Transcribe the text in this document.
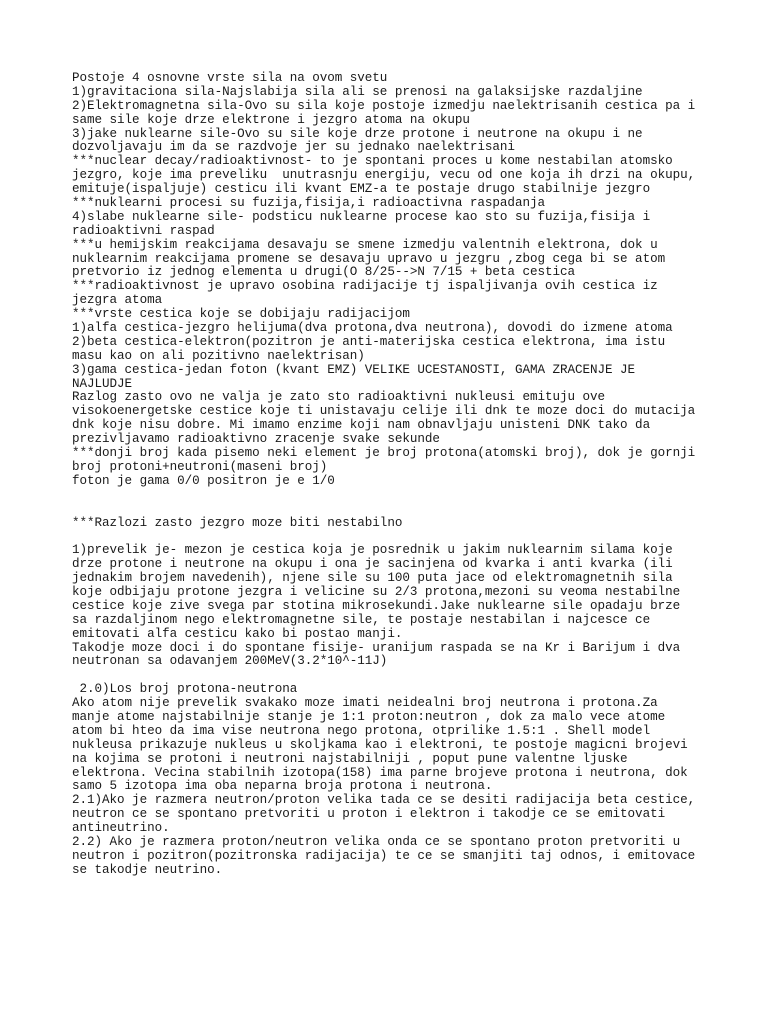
Postoje 4 osnovne vrste sila na ovom svetu
1)gravitaciona sila-Najslabija sila ali se prenosi na galaksijske razdaljine
2)Elektromagnetna sila-Ovo su sila koje postoje izmedju naelektrisanih cestica pa i
same sile koje drze elektrone i jezgro atoma na okupu
3)jake nuklearne sile-Ovo su sile koje drze protone i neutrone na okupu i ne
dozvoljavaju im da se razdvoje jer su jednako naelektrisani
***nuclear decay/radioaktivnost- to je spontani proces u kome nestabilan atomsko
jezgro, koje ima preveliku  unutrasnju energiju, vecu od one koja ih drzi na okupu,
emituje(ispaljuje) cesticu ili kvant EMZ-a te postaje drugo stabilnije jezgro
***nuklearni procesi su fuzija,fisija,i radioactivna raspadanja
4)slabe nuklearne sile- podsticu nuklearne procese kao sto su fuzija,fisija i
radioaktivni raspad
***u hemijskim reakcijama desavaju se smene izmedju valentnih elektrona, dok u
nuklearnim reakcijama promene se desavaju upravo u jezgru ,zbog cega bi se atom
pretvorio iz jednog elementa u drugi(O 8/25-->N 7/15 + beta cestica
***radioaktivnost je upravo osobina radijacije tj ispaljivanja ovih cestica iz
jezgra atoma
***vrste cestica koje se dobijaju radijacijom
1)alfa cestica-jezgro helijuma(dva protona,dva neutrona), dovodi do izmene atoma
2)beta cestica-elektron(pozitron je anti-materijska cestica elektrona, ima istu
masu kao on ali pozitivno naelektrisan)
3)gama cestica-jedan foton (kvant EMZ) VELIKE UCESTANOSTI, GAMA ZRACENJE JE
NAJLUDJE
Razlog zasto ovo ne valja je zato sto radioaktivni nukleusi emituju ove
visokoenergetske cestice koje ti unistavaju celije ili dnk te moze doci do mutacija
dnk koje nisu dobre. Mi imamo enzime koji nam obnavljaju unisteni DNK tako da
prezivljavamo radioaktivno zracenje svake sekunde
***donji broj kada pisemo neki element je broj protona(atomski broj), dok je gornji
broj protoni+neutroni(maseni broj)
foton je gama 0/0 positron je e 1/0
***Razlozi zasto jezgro moze biti nestabilno
1)prevelik je- mezon je cestica koja je posrednik u jakim nuklearnim silama koje
drze protone i neutrone na okupu i ona je sacinjena od kvarka i anti kvarka (ili
jednakim brojem navedenih), njene sile su 100 puta jace od elektromagnetnih sila
koje odbijaju protone jezgra i velicine su 2/3 protona,mezoni su veoma nestabilne
cestice koje zive svega par stotina mikrosekundi.Jake nuklearne sile opadaju brze
sa razdaljinom nego elektromagnetne sile, te postaje nestabilan i najcesce ce
emitovati alfa cesticu kako bi postao manji.
Takodje moze doci i do spontane fisije- uranijum raspada se na Kr i Barijum i dva
neutronan sa odavanjem 200MeV(3.2*10^-11J)
2.0)Los broj protona-neutrona
Ako atom nije prevelik svakako moze imati neidealni broj neutrona i protona.Za
manje atome najstabilnije stanje je 1:1 proton:neutron , dok za malo vece atome
atom bi hteo da ima vise neutrona nego protona, otprilike 1.5:1 . Shell model
nukleusa prikazuje nukleus u skoljkama kao i elektroni, te postoje magicni brojevi
na kojima se protoni i neutroni najstabilniji , poput pune valentne ljuske
elektrona. Vecina stabilnih izotopa(158) ima parne brojeve protona i neutrona, dok
samo 5 izotopa ima oba neparna broja protona i neutrona.
2.1)Ako je razmera neutron/proton velika tada ce se desiti radijacija beta cestice,
neutron ce se spontano pretvoriti u proton i elektron i takodje ce se emitovati
antineutrino.
2.2) Ako je razmera proton/neutron velika onda ce se spontano proton pretvoriti u
neutron i pozitron(pozitronska radijacija) te ce se smanjiti taj odnos, i emitovace
se takodje neutrino.
